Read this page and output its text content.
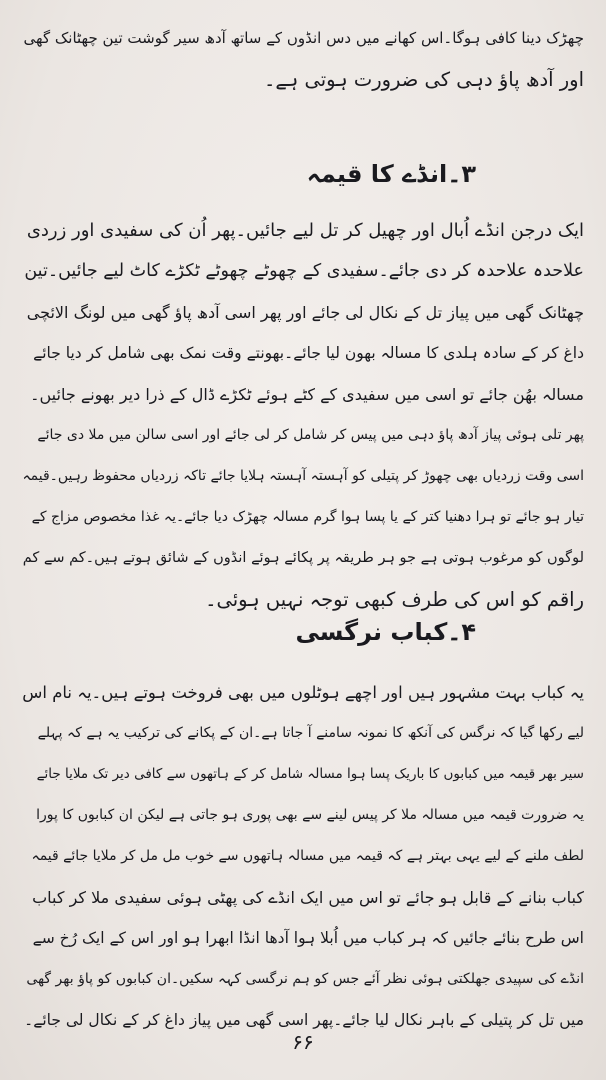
چھڑک دینا کافی ہوگا۔اس کھانے میں دس انڈوں کے ساتھ آدھ سیر گوشت تین چھٹانک گھی
اور آدھ پاؤ دہی کی ضرورت ہوتی ہے۔
۳۔انڈے کا قیمہ
ایک درجن انڈے اُبال اور چھیل کر تل لیے جائیں۔پھر اُن کی سفیدی اور زردی
علاحدہ علاحدہ کر دی جائے۔سفیدی کے چھوٹے چھوٹے ٹکڑے کاٹ لیے جائیں۔تین
چھٹانک گھی میں پیاز تل کے نکال لی جائے اور پھر اسی آدھ پاؤ گھی میں لونگ الائچی
داغ کر کے سادہ ہلدی کا مسالہ بھون لیا جائے۔بھونتے وقت نمک بھی شامل کر دیا جائے
مسالہ بھُن جائے تو اسی میں سفیدی کے کٹے ہوئے ٹکڑے ڈال کے ذرا دیر بھونے جائیں۔
پھر تلی ہوئی پیاز آدھ پاؤ دہی میں پیس کر شامل کر لی جائے اور اسی سالن میں ملا دی جائے
اسی وقت زردیاں بھی چھوڑ کر پتیلی کو آہستہ آہستہ ہلایا جائے تاکہ زردیاں محفوظ رہیں۔قیمہ
تیار ہو جائے تو ہرا دھنیا کتر کے یا پسا ہوا گرم مسالہ چھڑک دیا جائے۔یہ غذا مخصوص مزاج کے
لوگوں کو مرغوب ہوتی ہے جو ہر طریقہ پر پکائے ہوئے انڈوں کے شائق ہوتے ہیں۔کم سے کم
راقم کو اس کی طرف کبھی توجہ نہیں ہوئی۔
۴۔کباب نرگسی
یہ کباب بہت مشہور ہیں اور اچھے ہوٹلوں میں بھی فروخت ہوتے ہیں۔یہ نام اس
لیے رکھا گیا کہ نرگس کی آنکھ کا نمونہ سامنے آ جاتا ہے۔ان کے پکانے کی ترکیب یہ ہے کہ پہلے
سیر بھر قیمہ میں کبابوں کا باریک پسا ہوا مسالہ شامل کر کے ہاتھوں سے کافی دیر تک ملایا جائے
یہ ضرورت قیمہ میں مسالہ ملا کر پیس لینے سے بھی پوری ہو جاتی ہے لیکن ان کبابوں کا پورا
لطف ملنے کے لیے یہی بہتر ہے کہ قیمہ میں مسالہ ہاتھوں سے خوب مل مل کر ملایا جائے قیمہ
کباب بنانے کے قابل ہو جائے تو اس میں ایک انڈے کی پھٹی ہوئی سفیدی ملا کر کباب
اس طرح بنائے جائیں کہ ہر کباب میں اُبلا ہوا آدھا انڈا ابھرا ہو اور اس کے ایک رُخ سے
انڈے کی سپیدی جھلکتی ہوئی نظر آئے جس کو ہم نرگسی کہہ سکیں۔ان کبابوں کو پاؤ بھر گھی
میں تل کر پتیلی کے باہر نکال لیا جائے۔پھر اسی گھی میں پیاز داغ کر کے نکال لی جائے۔
۶۶
